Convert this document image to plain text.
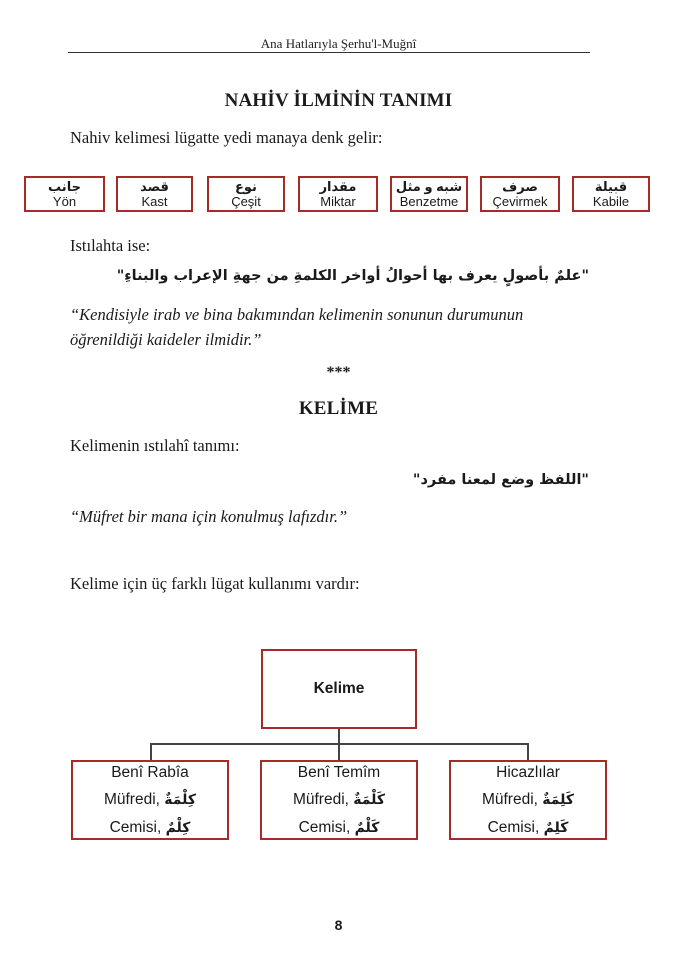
Ana Hatlarıyla Şerhu'l-Muğnî
NAHİV İLMİNİN TANIMI
Nahiv kelimesi lügatte yedi manaya denk gelir:
جانب
Yön
قصد
Kast
نوع
Çeşit
مقدار
Miktar
شبه و مثل
Benzetme
صرف
Çevirmek
قبيلة
Kabile
Istılahta ise:
"علمٌ بأصولٍ يعرف بها أحوالُ أواخر الكلمةِ من جهةِ الإعراب والبناءِ"
“Kendisiyle irab ve bina bakımından kelimenin sonunun durumunun
öğrenildiği kaideler ilmidir.”
***
KELİME
Kelimenin ıstılahî tanımı:
"اللفظ وضع لمعنا مفرد"
“Müfret bir mana için konulmuş lafızdır.”
Kelime için üç farklı lügat kullanımı vardır:
Kelime
Benî Rabîa
Müfredi, كِلْمَةٌ
Cemisi, كِلْمٌ
Benî Temîm
Müfredi, كَلْمَةٌ
Cemisi, كَلْمٌ
Hicazlılar
Müfredi, كَلِمَةٌ
Cemisi, كَلِمٌ
8
